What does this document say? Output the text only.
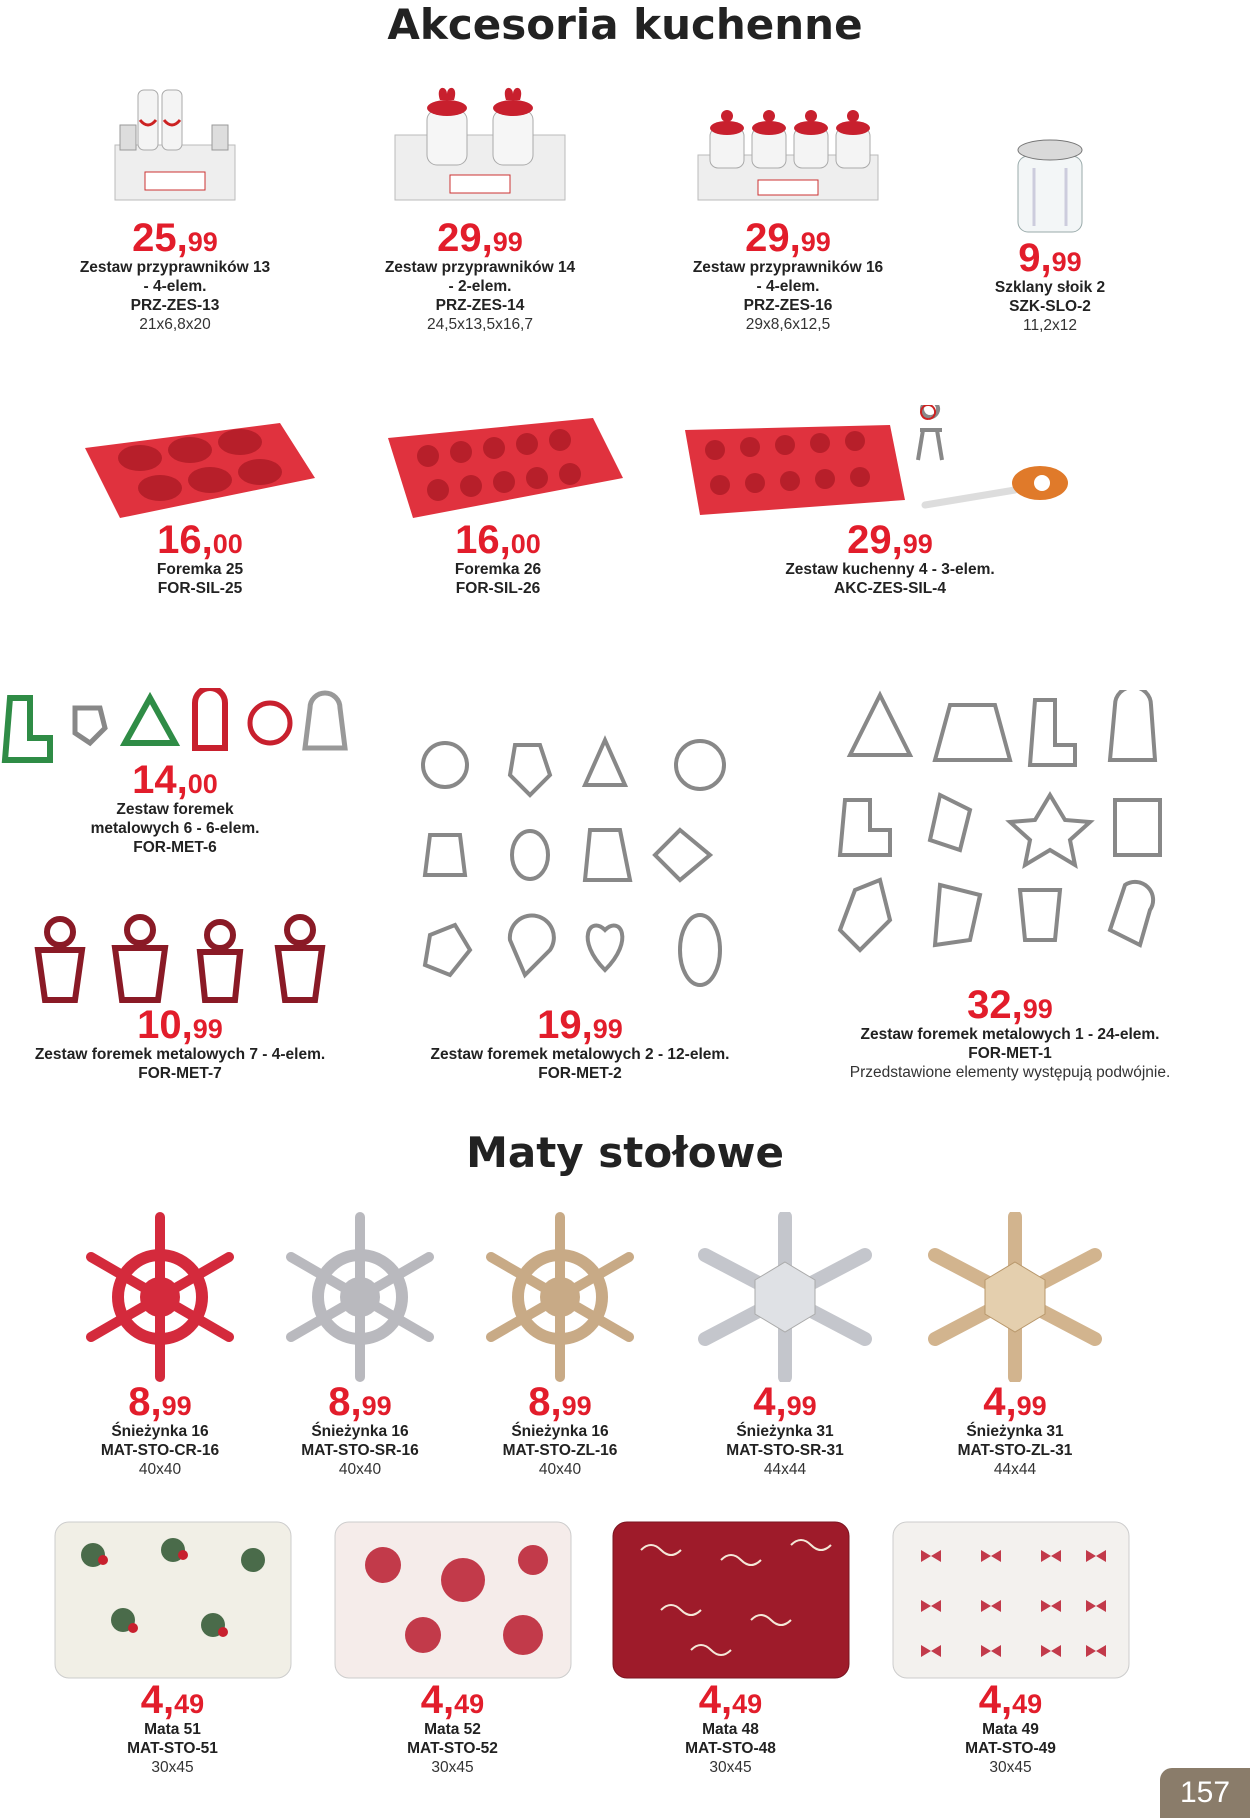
Akcesoria kuchenne
25,99
Zestaw przyprawników 13
- 4-elem.
PRZ-ZES-13
21x6,8x20
29,99
Zestaw przyprawników 14
- 2-elem.
PRZ-ZES-14
24,5x13,5x16,7
29,99
Zestaw przyprawników 16
- 4-elem.
PRZ-ZES-16
29x8,6x12,5
9,99
Szklany słoik 2
SZK-SLO-2
11,2x12
16,00
Foremka 25
FOR-SIL-25
16,00
Foremka 26
FOR-SIL-26
29,99
Zestaw kuchenny 4 - 3-elem.
AKC-ZES-SIL-4
14,00
Zestaw foremek
metalowych 6 - 6-elem.
FOR-MET-6
10,99
Zestaw foremek metalowych 7 - 4-elem.
FOR-MET-7
19,99
Zestaw foremek metalowych 2 - 12-elem.
FOR-MET-2
32,99
Zestaw foremek metalowych 1 - 24-elem.
FOR-MET-1
Przedstawione elementy występują podwójnie.
Maty stołowe
8,99
Śnieżynka 16
MAT-STO-CR-16
40x40
8,99
Śnieżynka 16
MAT-STO-SR-16
40x40
8,99
Śnieżynka 16
MAT-STO-ZL-16
40x40
4,99
Śnieżynka 31
MAT-STO-SR-31
44x44
4,99
Śnieżynka 31
MAT-STO-ZL-31
44x44
4,49
Mata 51
MAT-STO-51
30x45
4,49
Mata 52
MAT-STO-52
30x45
4,49
Mata 48
MAT-STO-48
30x45
4,49
Mata 49
MAT-STO-49
30x45
157
